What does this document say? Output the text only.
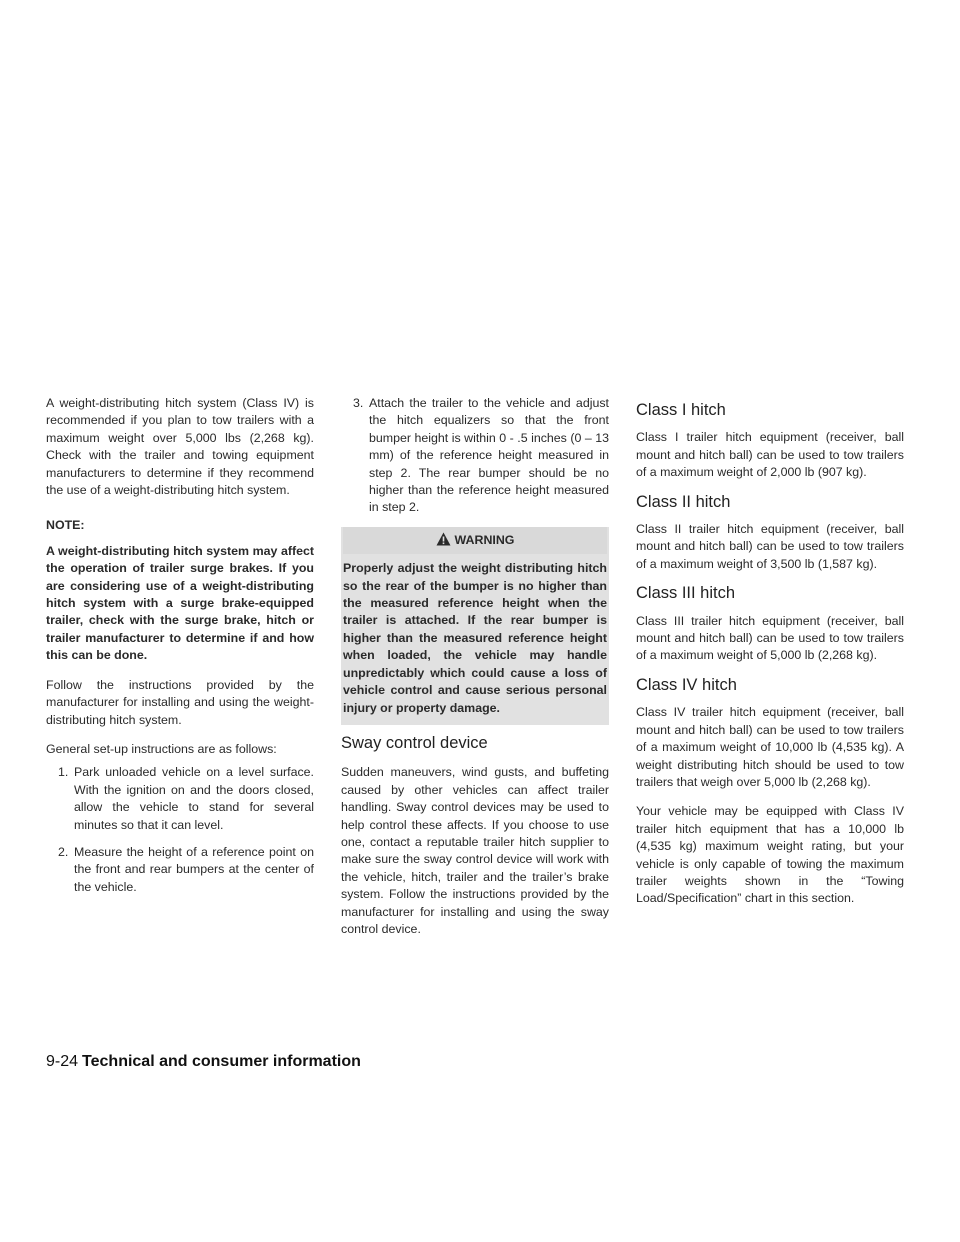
A weight-distributing hitch system (Class IV) is recommended if you plan to tow trailers with a maximum weight over 5,000 lbs (2,268 kg). Check with the trailer and towing equipment manufacturers to determine if they recommend the use of a weight-distributing hitch system.

NOTE:

A weight-distributing hitch system may affect the operation of trailer surge brakes. If you are considering use of a weight-distributing hitch system with a surge brake-equipped trailer, check with the surge brake, hitch or trailer manufacturer to determine if and how this can be done.

Follow the instructions provided by the manufacturer for installing and using the weight-distributing hitch system.

General set-up instructions are as follows:

1. Park unloaded vehicle on a level surface. With the ignition on and the doors closed, allow the vehicle to stand for several minutes so that it can level.
2. Measure the height of a reference point on the front and rear bumpers at the center of the vehicle.
3. Attach the trailer to the vehicle and adjust the hitch equalizers so that the front bumper height is within 0 - .5 inches (0 – 13 mm) of the reference height measured in step 2. The rear bumper should be no higher than the reference height measured in step 2.
WARNING
Properly adjust the weight distributing hitch so the rear of the bumper is no higher than the measured reference height when the trailer is attached. If the rear bumper is higher than the measured reference height when loaded, the vehicle may handle unpredictably which could cause a loss of vehicle control and cause serious personal injury or property damage.
Sway control device

Sudden maneuvers, wind gusts, and buffeting caused by other vehicles can affect trailer handling. Sway control devices may be used to help control these affects. If you choose to use one, contact a reputable trailer hitch supplier to make sure the sway control device will work with the vehicle, hitch, trailer and the trailer’s brake system. Follow the instructions provided by the manufacturer for installing and using the sway control device.

Class I hitch

Class I trailer hitch equipment (receiver, ball mount and hitch ball) can be used to tow trailers of a maximum weight of 2,000 lb (907 kg).

Class II hitch

Class II trailer hitch equipment (receiver, ball mount and hitch ball) can be used to tow trailers of a maximum weight of 3,500 lb (1,587 kg).

Class III hitch

Class III trailer hitch equipment (receiver, ball mount and hitch ball) can be used to tow trailers of a maximum weight of 5,000 lb (2,268 kg).

Class IV hitch

Class IV trailer hitch equipment (receiver, ball mount and hitch ball) can be used to tow trailers of a maximum weight of 10,000 lb (4,535 kg). A weight distributing hitch should be used to tow trailers that weigh over 5,000 lb (2,268 kg).

Your vehicle may be equipped with Class IV trailer hitch equipment that has a 10,000 lb (4,535 kg) maximum weight rating, but your vehicle is only capable of towing the maximum trailer weights shown in the “Towing Load/Specification” chart in this section.

9-24 Technical and consumer information
